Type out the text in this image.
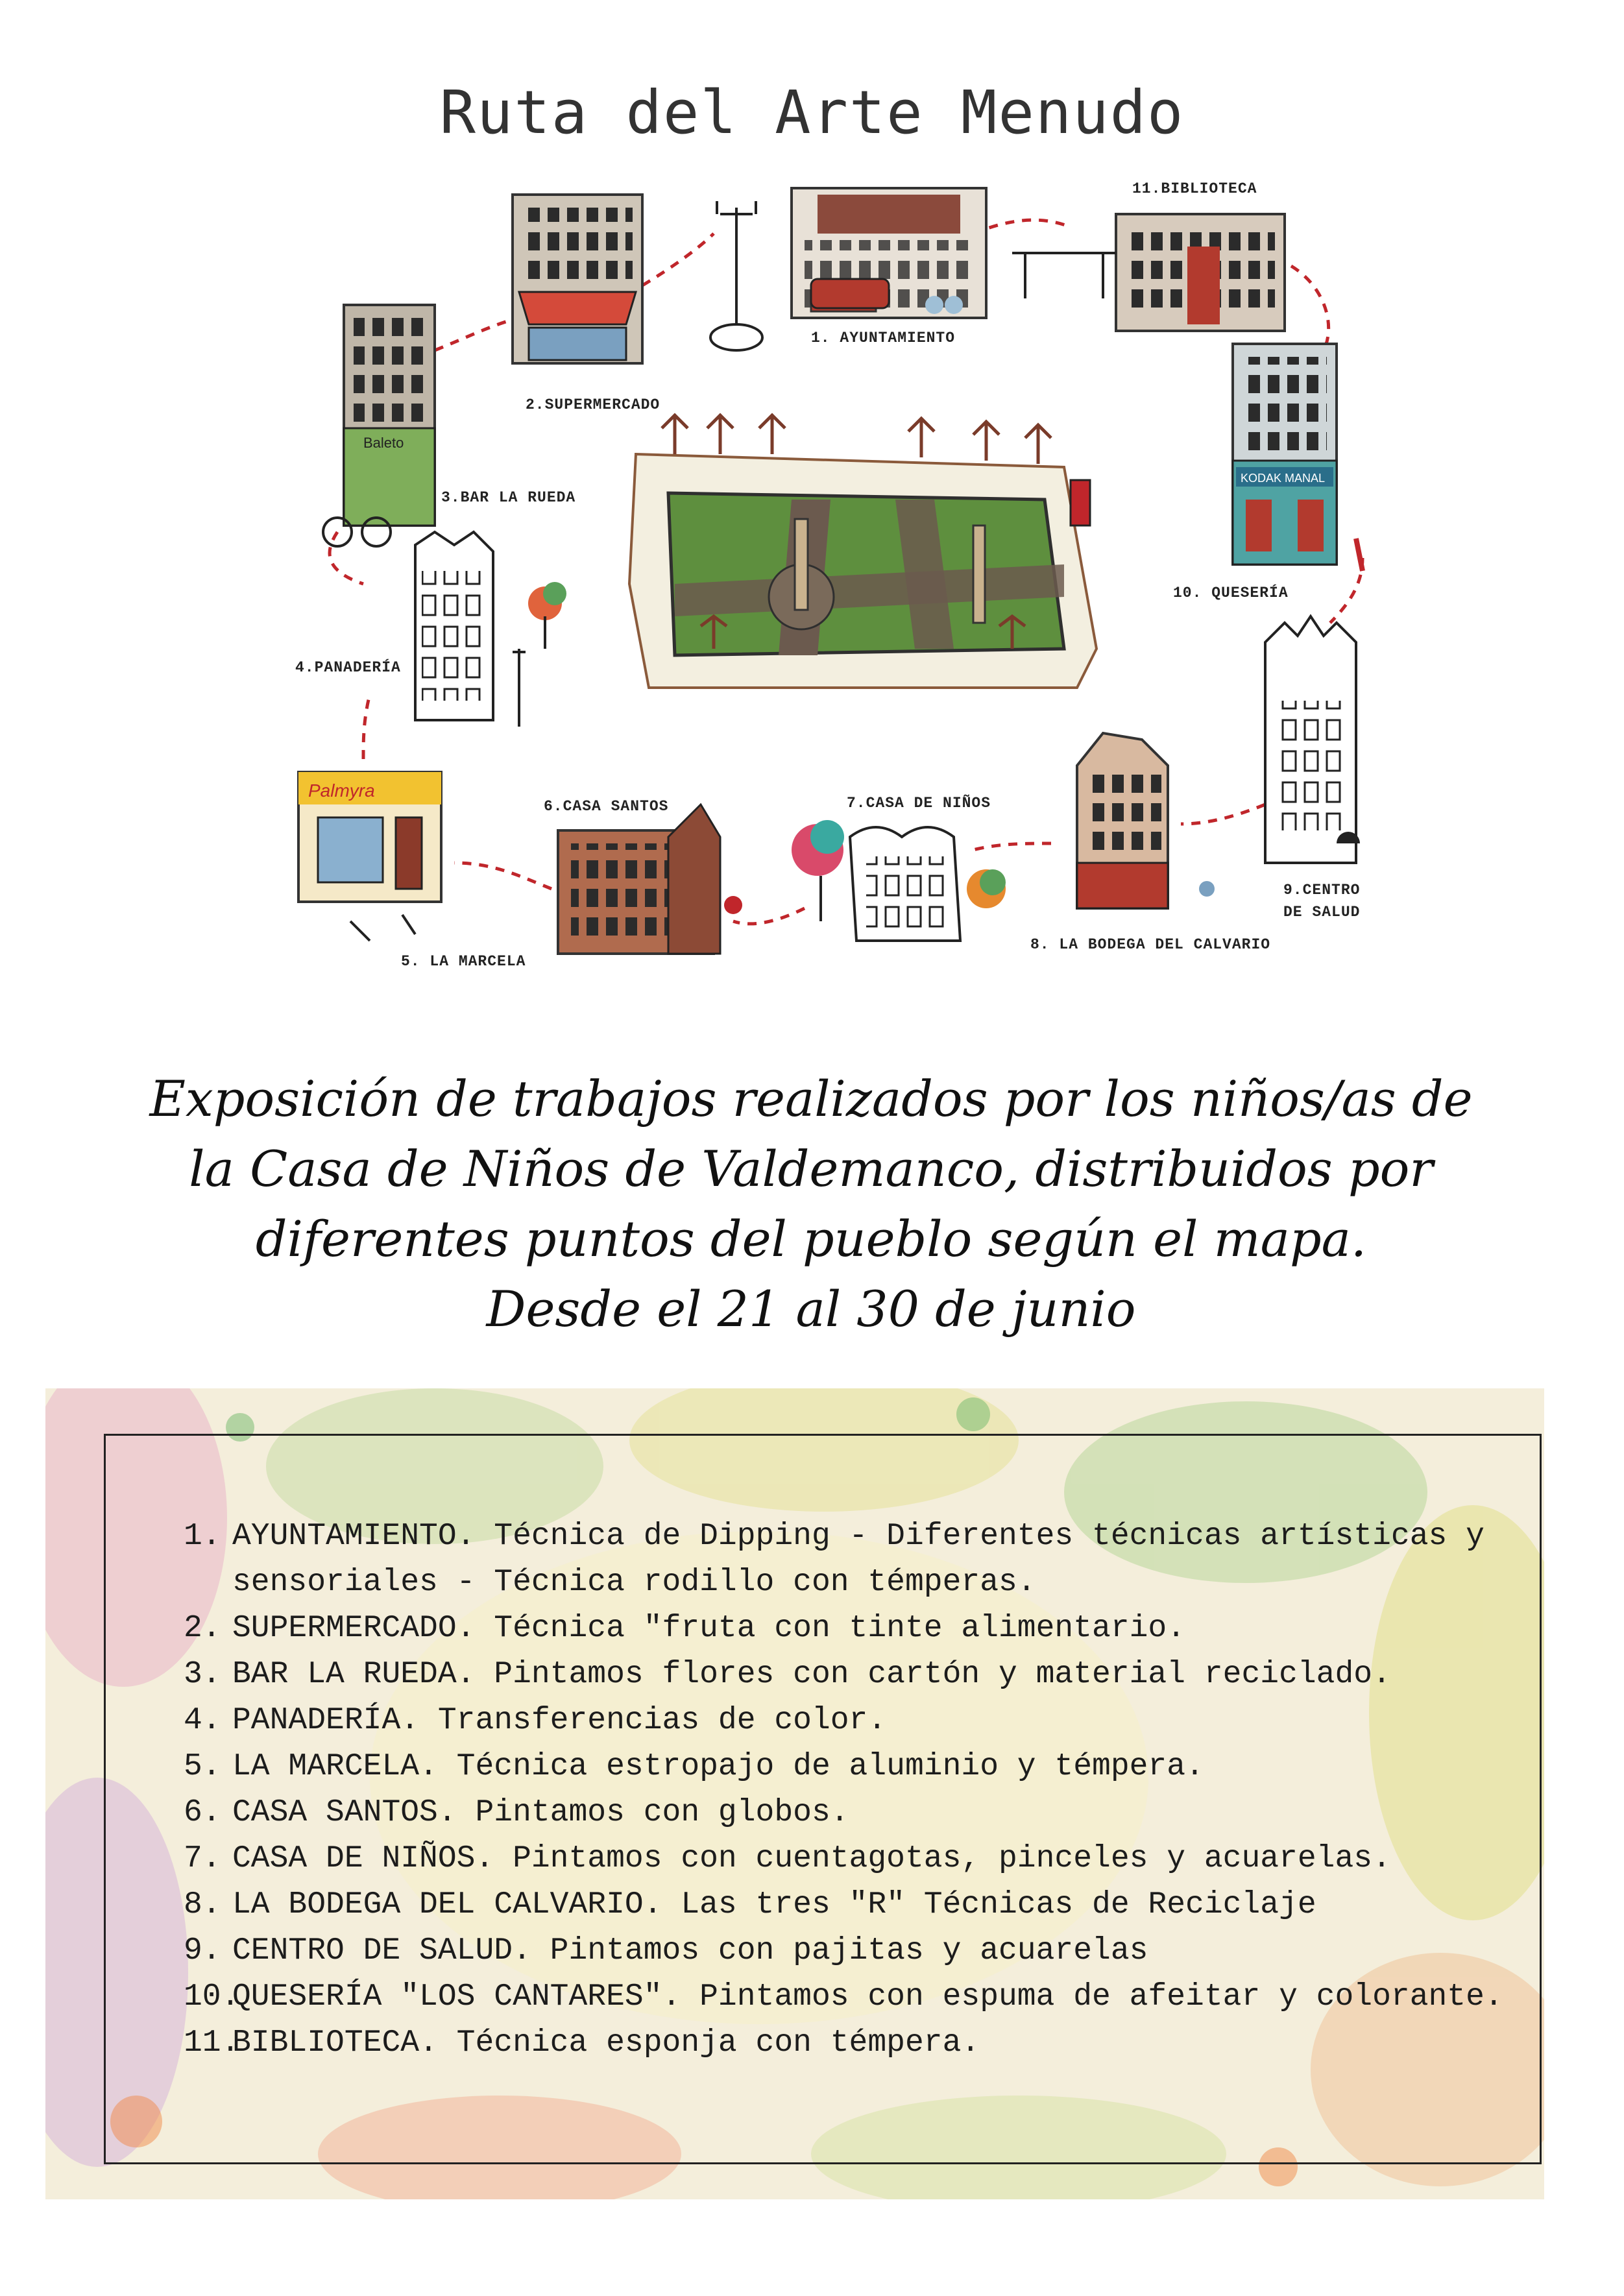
Ruta del Arte Menudo
Baleto
Palmyra
KODAK MANAL
1. AYUNTAMIENTO
2.SUPERMERCADO
3.BAR LA RUEDA
4.PANADERÍA
5. LA MARCELA
6.CASA SANTOS	7.CASA DE NIÑOS
8. LA BODEGA DEL CALVARIO
9.CENTRO
DE SALUD
10. QUESERÍA
11.BIBLIOTECA
Exposición de trabajos realizados por los niños/as de
la Casa de Niños de Valdemanco, distribuidos por
diferentes puntos del pueblo según el mapa.
Desde el 21 al 30 de junio
1. AYUNTAMIENTO. Técnica de Dipping - Diferentes técnicas artísticas y sensoriales - Técnica rodillo con témperas.
2. SUPERMERCADO. Técnica "fruta con tinte alimentario.
3. BAR LA RUEDA. Pintamos flores con cartón y material reciclado.
4. PANADERÍA. Transferencias de color.
5. LA MARCELA. Técnica estropajo de aluminio y témpera.
6. CASA SANTOS. Pintamos con globos.
7. CASA DE NIÑOS. Pintamos con cuentagotas, pinceles y acuarelas.
8. LA BODEGA DEL CALVARIO. Las tres "R" Técnicas de Reciclaje
9. CENTRO DE SALUD. Pintamos con pajitas y acuarelas
10.
QUESERÍA "LOS CANTARES". Pintamos con espuma de afeitar y colorante.
11.
BIBLIOTECA. Técnica esponja con témpera.
